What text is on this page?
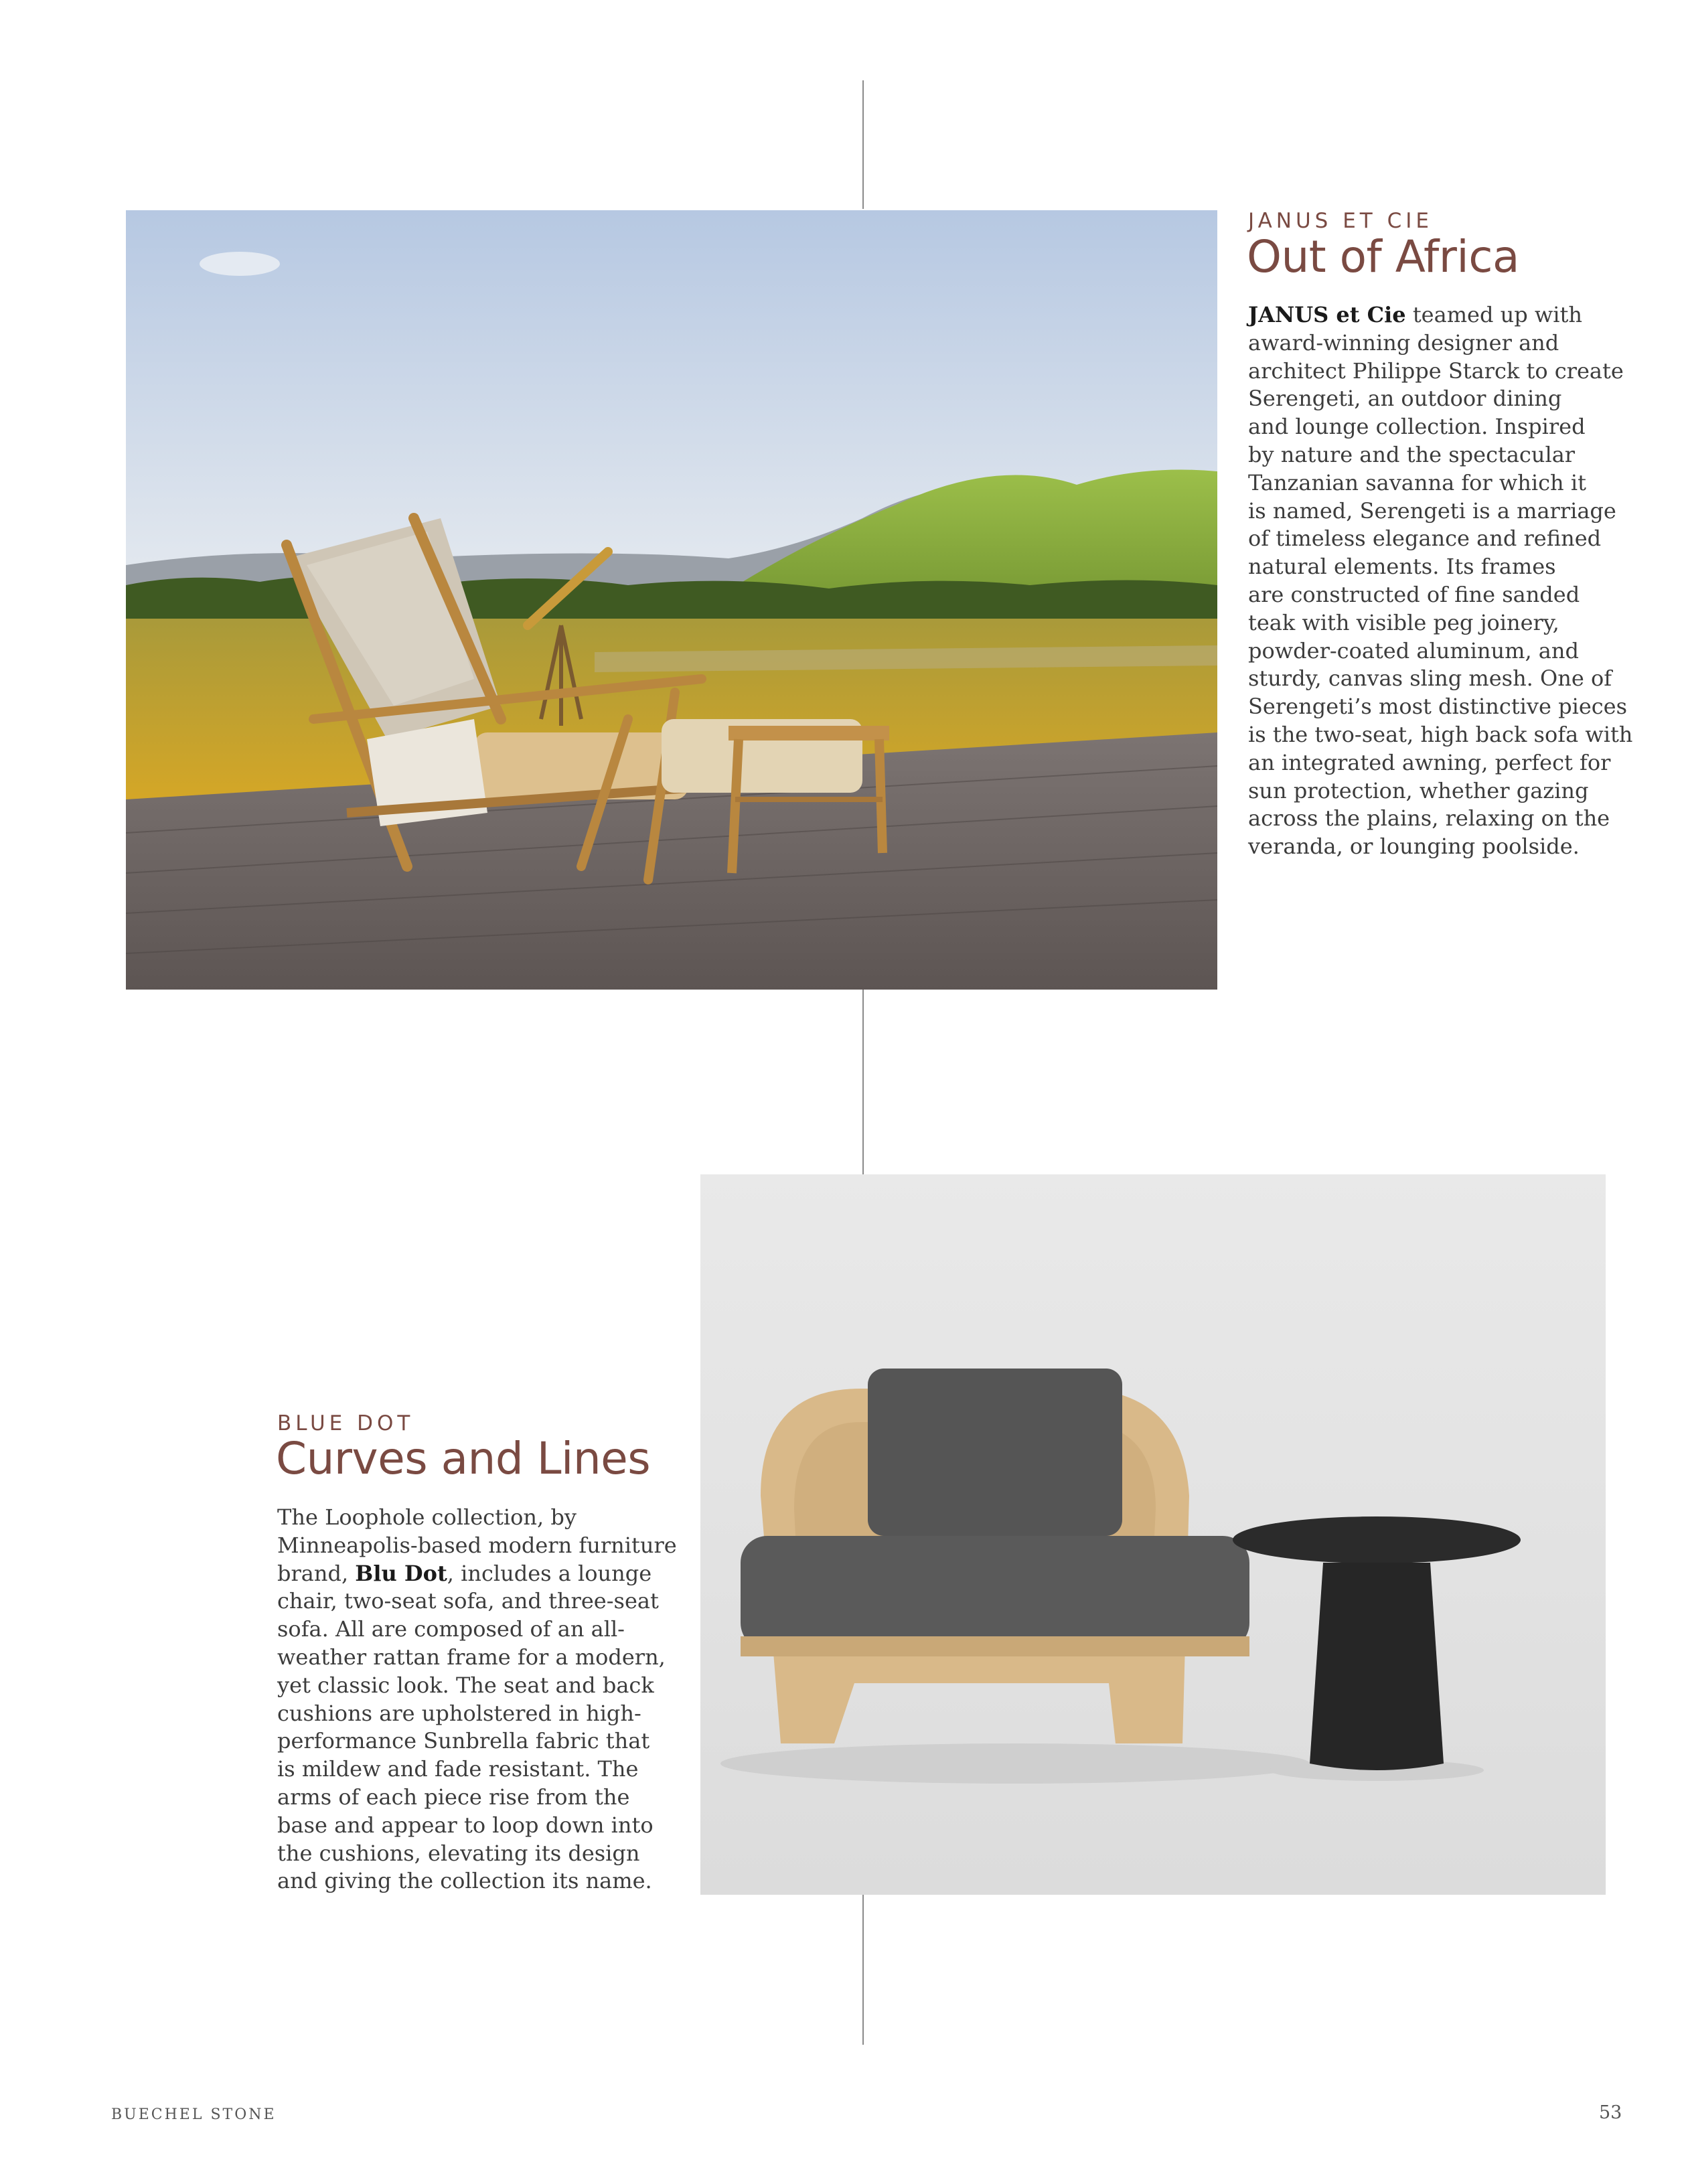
JANUS ET CIE
Out of Africa
JANUS et Cie teamed up with
award-winning designer and
architect Philippe Starck to create
Serengeti, an outdoor dining
and lounge collection. Inspired
by nature and the spectacular
Tanzanian savanna for which it
is named, Serengeti is a marriage
of timeless elegance and refined
natural elements. Its frames
are constructed of fine sanded
teak with visible peg joinery,
powder-coated aluminum, and
sturdy, canvas sling mesh. One of
Serengeti’s most distinctive pieces
is the two-seat, high back sofa with
an integrated awning, perfect for
sun protection, whether gazing
across the plains, relaxing on the
veranda, or lounging poolside.
BLUE DOT
Curves and Lines
The Loophole collection, by
Minneapolis-based modern furniture
brand, Blu Dot, includes a lounge
chair, two-seat sofa, and three-seat
sofa. All are composed of an all-
weather rattan frame for a modern,
yet classic look. The seat and back
cushions are upholstered in high-
performance Sunbrella fabric that
is mildew and fade resistant. The
arms of each piece rise from the
base and appear to loop down into
the cushions, elevating its design
and giving the collection its name.
BUECHEL STONE	53
